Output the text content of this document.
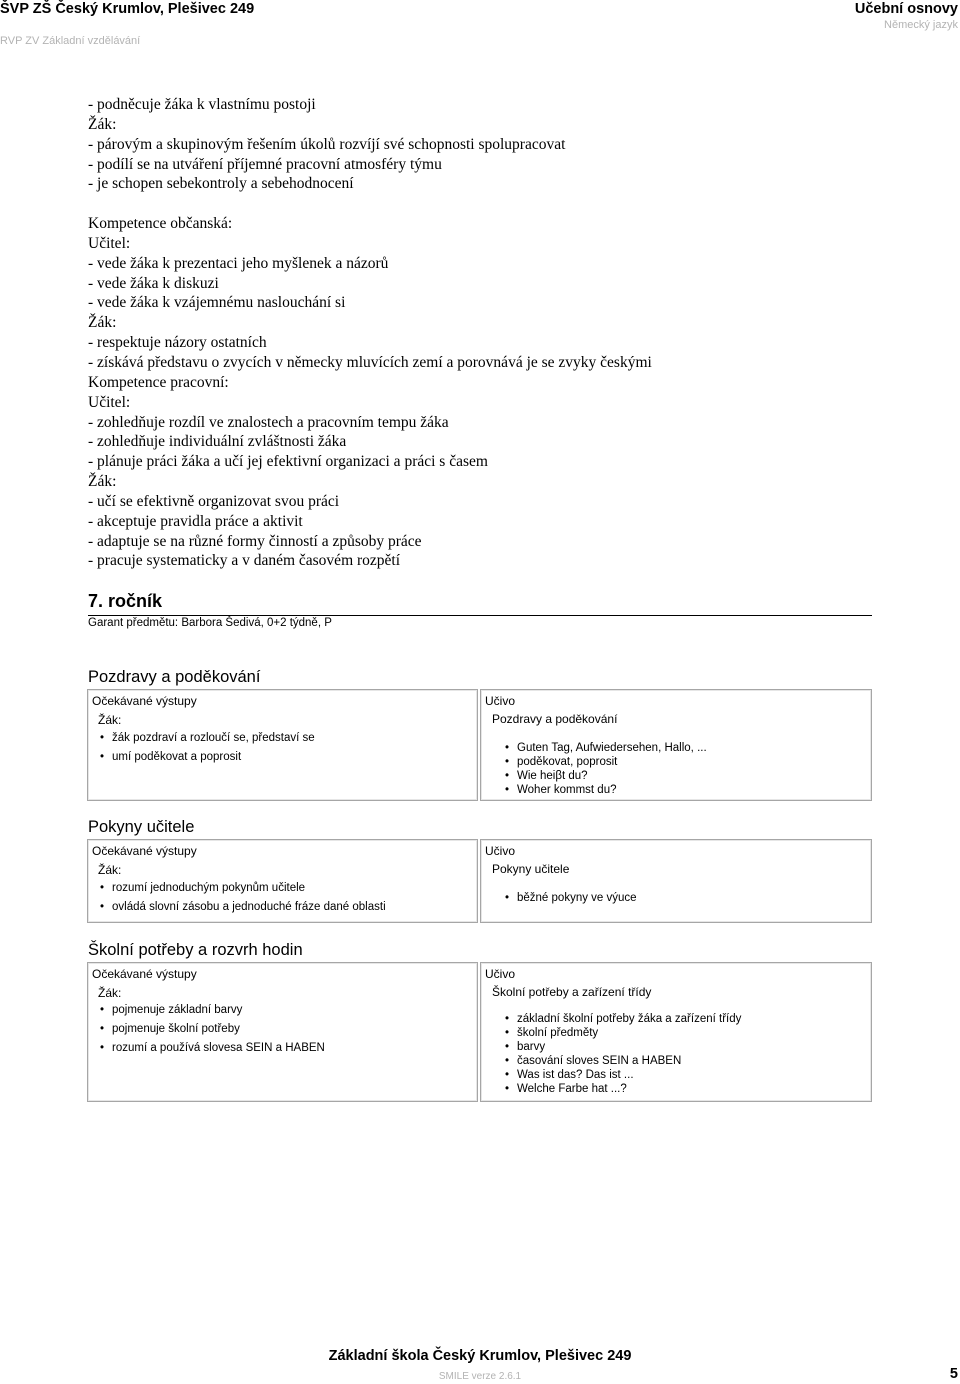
ŠVP ZŠ Český Krumlov, Plešivec 249
RVP ZV Základní vzdělávání
Učební osnovy
Německý jazyk
- podněcuje žáka k vlastnímu postoji
Žák:
- párovým a skupinovým řešením úkolů rozvíjí své schopnosti spolupracovat
- podílí se na utváření příjemné pracovní atmosféry týmu
- je schopen sebekontroly a sebehodnocení
Kompetence občanská:
Učitel:
- vede žáka k prezentaci jeho myšlenek a názorů
- vede žáka k diskuzi
- vede žáka k vzájemnému naslouchání si
Žák:
- respektuje názory ostatních
- získává představu o zvycích v německy mluvících zemí a porovnává je se zvyky českými
Kompetence pracovní:
Učitel:
- zohledňuje rozdíl ve znalostech a pracovním tempu žáka
- zohledňuje individuální zvláštnosti žáka
- plánuje práci žáka a učí jej efektivní organizaci a práci s časem
Žák:
- učí se efektivně organizovat svou práci
- akceptuje pravidla práce a aktivit
- adaptuje se na různé formy činností a způsoby práce
- pracuje systematicky a v daném časovém rozpětí
7. ročník
Garant předmětu: Barbora Šedivá, 0+2 týdně, P
Pozdravy a poděkování
Očekávané výstupy
Žák:
• žák pozdraví a rozloučí se, představí se
• umí poděkovat a poprosit
Učivo
Pozdravy a poděkování
• Guten Tag, Aufwiedersehen, Hallo, ...
• poděkovat, poprosit
• Wie heiβt du?
• Woher kommst du?
Pokyny učitele
Očekávané výstupy
Žák:
• rozumí jednoduchým pokynům učitele
• ovládá slovní zásobu a jednoduché fráze dané oblasti
Učivo
Pokyny učitele
• běžné pokyny ve výuce
Školní potřeby a rozvrh hodin
Očekávané výstupy
Žák:
• pojmenuje základní barvy
• pojmenuje školní potřeby
• rozumí a používá slovesa SEIN a HABEN
Učivo
Školní potřeby a zařízení třídy
• základní školní potřeby žáka a zařízení třídy
• školní předměty
• barvy
• časování sloves SEIN a HABEN
• Was ist das? Das ist ...
• Welche Farbe hat ...?
Základní škola Český Krumlov, Plešivec 249
SMILE verze 2.6.1	5
